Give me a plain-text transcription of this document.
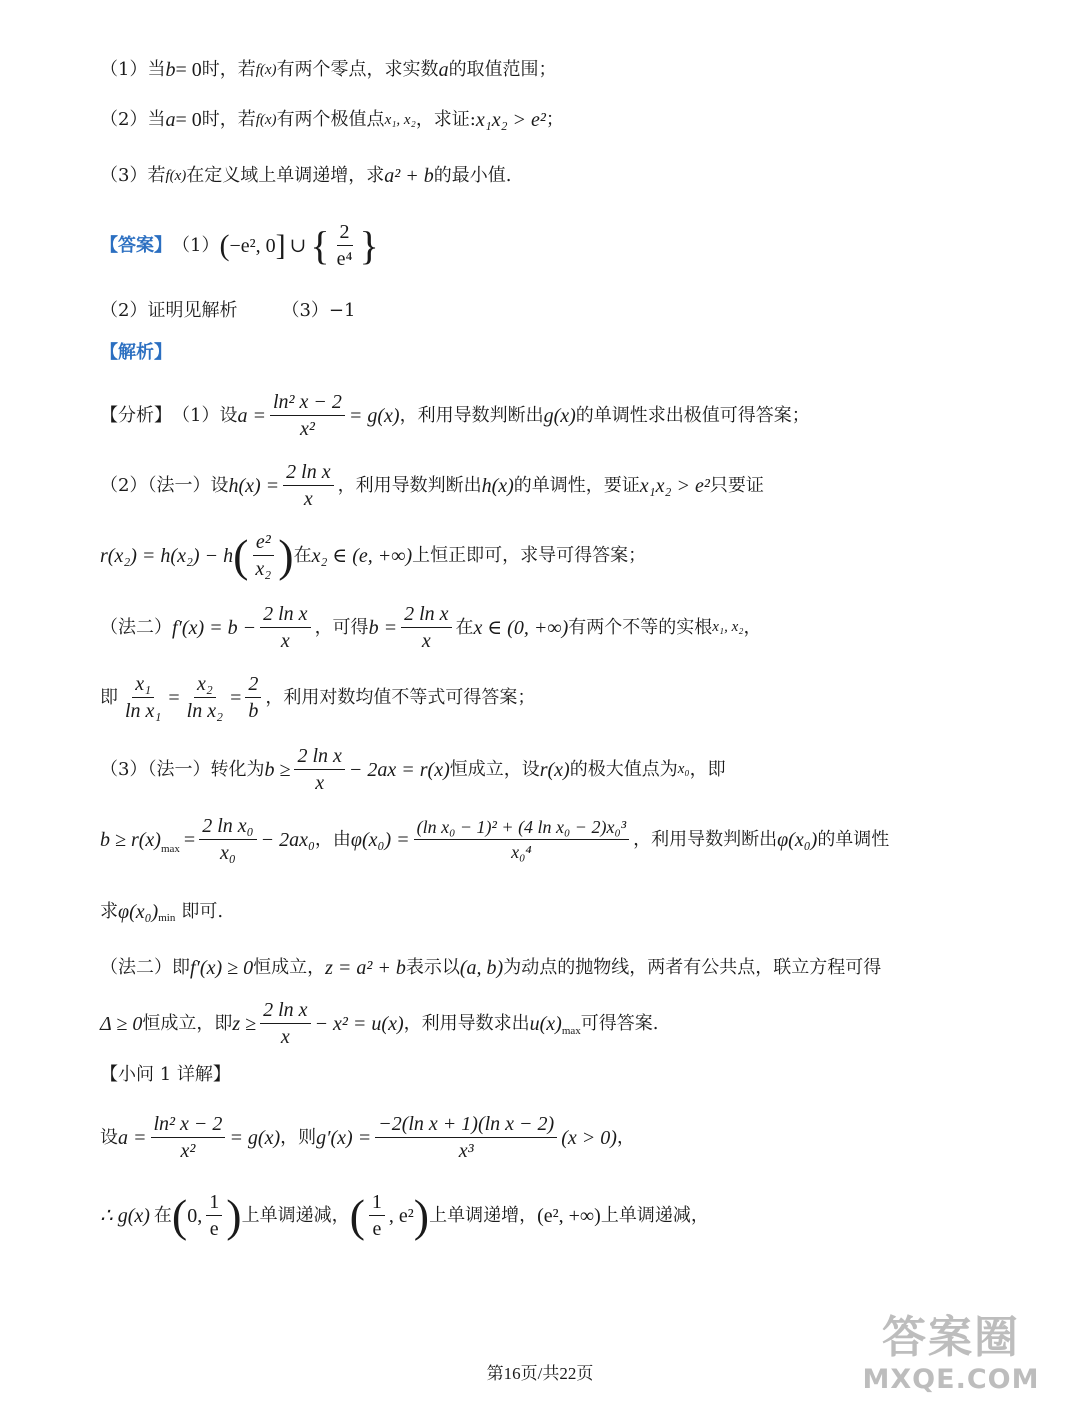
（1）当 b = 0 时，若 f(x) 有两个零点，求实数 a 的取值范围；
（2）当 a = 0 时，若 f(x) 有两个极值点 x₁, x₂ ，求证: x₁x₂ > e² ；
（3）若 f(x) 在定义域上单调递增，求 a² + b 的最小值.
【答案】 （1） ( −e², 0 ] ∪ { $\frac{2}{\text{e⁴}}$ }
（2）证明见解析 （3）−1
【解析】
【分析】 （1）设 $a = \frac{\text{ln² x − 2}}{\text{x²}} = g(x)$ ，利用导数判断出 g(x) 的单调性求出极值可得答案；
（2）（法一）设 $h(x) = \frac{\text{2 ln x}}{x}$ ，利用导数判断出 h(x) 的单调性，要证 x₁x₂ > e² 只要证
r(x₂) = h(x₂) − h ( $\frac{\text{e²}}{\text{x₂}}$ ) 在 x₂ ∈ (e, +∞) 上恒正即可，求导可得答案；
（法二） $f'(x) = b - \frac{\text{2 ln x}}{x}$ ，可得 $b = \frac{\text{2 ln x}}{x}$ 在 x ∈ (0, +∞) 有两个不等的实根 x₁, x₂ ，
即 $\frac{\text{x₁}}{\text{ln x₁}} = \frac{\text{x₂}}{\text{ln x₂}} = \frac{2}{b}$ ，利用对数均值不等式可得答案；
（3）（法一）转化为 $b \ge \frac{\text{2 ln x}}{x} - 2ax = r(x)$ 恒成立，设 r(x) 的极大值点为 x₀ ，即
$b \ge r(x)_{max} = \frac{\text{2 ln x₀}}{\text{x₀}} - 2ax_0$ ，由 $\varphi(x_0) = \frac{\text{(ln x₀ − 1)² + (4 ln x₀ − 2)x₀³}}{\text{x₀⁴}}$ ，利用导数判断出 φ(x₀) 的单调性
求 $\varphi(x_0)_{min}$ 即可.
（法二）即 f′(x) ≥ 0 恒成立， z = a² + b 表示以 (a, b) 为动点的抛物线，两者有公共点，联立方程可得
Δ ≥ 0 恒成立，即 $z \ge \frac{\text{2 ln x}}{x} - x^2 = u(x)$ ，利用导数求出 $u(x)_{max}$ 可得答案.
【小问 1 详解】
设 $a = \frac{\text{ln² x − 2}}{\text{x²}} = g(x)$ ，则 $g'(x) = \frac{\text{−2(ln x + 1)(ln x − 2)}}{\text{x³}} (x > 0)$ ，
∴ g(x) 在 ( 0, $\frac{1}{e}$ ) 上单调递减， ( $\frac{1}{e}$ , e² ) 上单调递增， (e², +∞) 上单调递减，
第16页/共22页
答案圈
MXQE.COM
